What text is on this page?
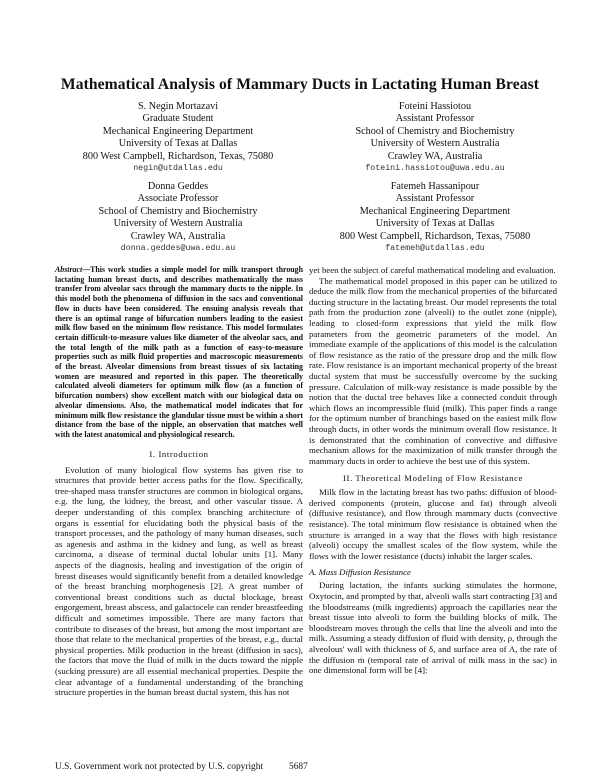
Mathematical Analysis of Mammary Ducts in Lactating Human Breast
S. Negin Mortazavi
Graduate Student
Mechanical Engineering Department
University of Texas at Dallas
800 West Campbell, Richardson, Texas, 75080
negin@utdallas.edu
Foteini Hassiotou
Assistant Professor
School of Chemistry and Biochemistry
University of Western Australia
Crawley WA, Australia
foteini.hassiotou@uwa.edu.au
Donna Geddes
Associate Professor
School of Chemistry and Biochemistry
University of Western Australia
Crawley WA, Australia
donna.geddes@uwa.edu.au
Fatemeh Hassanipour
Assistant Professor
Mechanical Engineering Department
University of Texas at Dallas
800 West Campbell, Richardson, Texas, 75080
fatemeh@utdallas.edu

Abstract—This work studies a simple model for milk transport through lactating human breast ducts, and describes mathematically the mass transfer from alveolar sacs through the mammary ducts to the nipple. In this model both the phenomena of diffusion in the sacs and conventional flow in ducts have been considered. The ensuing analysis reveals that there is an optimal range of bifurcation numbers leading to the easiest milk flow based on the minimum flow resistance. This model formulates certain difficult-to-measure values like diameter of the alveolar sacs, and the total length of the milk path as a function of easy-to-measure properties such as milk fluid properties and macroscopic measurements of the breast. Alveolar dimensions from breast tissues of six lactating women are measured and reported in this paper. The theoretically calculated alveoli diameters for optimum milk flow (as a function of bifurcation numbers) show excellent match with our biological data on alveolar dimensions. Also, the mathematical model indicates that for minimum milk flow resistance the glandular tissue must be within a short distance from the base of the nipple, an observation that matches well with the latest anatomical and physiological research.

I. Introduction

Evolution of many biological flow systems has given rise to structures that provide better access paths for the flow. Specifically, tree-shaped mass transfer structures are common in biological organs, e.g. the lung, the kidney, the breast, and other vascular tissue. A deeper understanding of this complex branching architecture of organs is essential for elucidating both the physical basis of the transport processes, and the pathology of many human diseases, such as agenesis and asthma in the kidney and lung, as well as breast carcinoma, a disease of terminal ductal lobular units [1]. Many aspects of the diagnosis, healing and investigation of the origin of breast diseases would significantly benefit from a detailed knowledge of the breast branching morphogenesis [2]. A great number of conventional breast conditions such as ductal blockage, breast engorgement, breast abscess, and galactocele can render breastfeeding difficult and sometimes impossible. There are many factors that contribute to diseases of the breast, but among the most important are those that relate to the mechanical properties of the breast, e.g., ductal physical properties. Milk production in the breast (diffusion in sacs), the factors that move the fluid of milk in the ducts toward the nipple (sucking pressure) are all essential mechanical properties. Despite the clear advantage of a fundamental understanding of the branching structure properties in the human breast ductal system, this has not

yet been the subject of careful mathematical modeling and evaluation.

The mathematical model proposed in this paper can be utilized to deduce the milk flow from the mechanical properties of the bifurcated ducting structure in the lactating breast. Our model represents the total path from the production zone (alveoli) to the outlet zone (nipple), leading to closed-form expressions that yield the milk flow parameters from the geometric parameters of the model. An immediate example of the applications of this model is the calculation of flow resistance as the ratio of the pressure drop and the milk flow rate. Flow resistance is an important mechanical property of the breast ductal system that must be successfully overcome by the sucking pressure. Calculation of milk-way resistance is made possible by the notion that the ductal tree behaves like a connected conduit through which flows an incompressible fluid (milk). This paper finds a range for the optimum number of branchings based on the easiest milk flow through ducts, in other words the minimum overall flow resistance. It is demonstrated that the combination of convective and diffusive mechanism allows for the maximization of milk transfer through the mammary ducts in order to achieve the best use of this system.

II. Theoretical Modeling of Flow Resistance

Milk flow in the lactating breast has two paths: diffusion of blood-derived components (protein, glucose and fat) through alveoli (diffusive resistance), and flow through mammary ducts (convective resistance). The total minimum flow resistance is obtained when the structure is arranged in a way that the flows with high resistance (alveoli) occupy the smallest scales of the flow system, while the flows with the lower resistance (ducts) inhabit the larger scales.

A. Mass Diffusion Resistance

During lactation, the infants sucking stimulates the hormone, Oxytocin, and prompted by that, alveoli walls start contracting [3] and the bloodstreams (milk ingredients) approach the capillaries near the breast tissue into alveoli to form the building blocks of milk. The bloodstream moves through the cells that line the alveoli and into the milk. Assuming a steady diffusion of fluid with density, ρ, through the alveolous' wall with thickness of δ, and surface area of A, the rate of the diffusion ṁ (temporal rate of arrival of milk mass in the sac) in one dimensional form will be [4]:

U.S. Government work not protected by U.S. copyright	5687
